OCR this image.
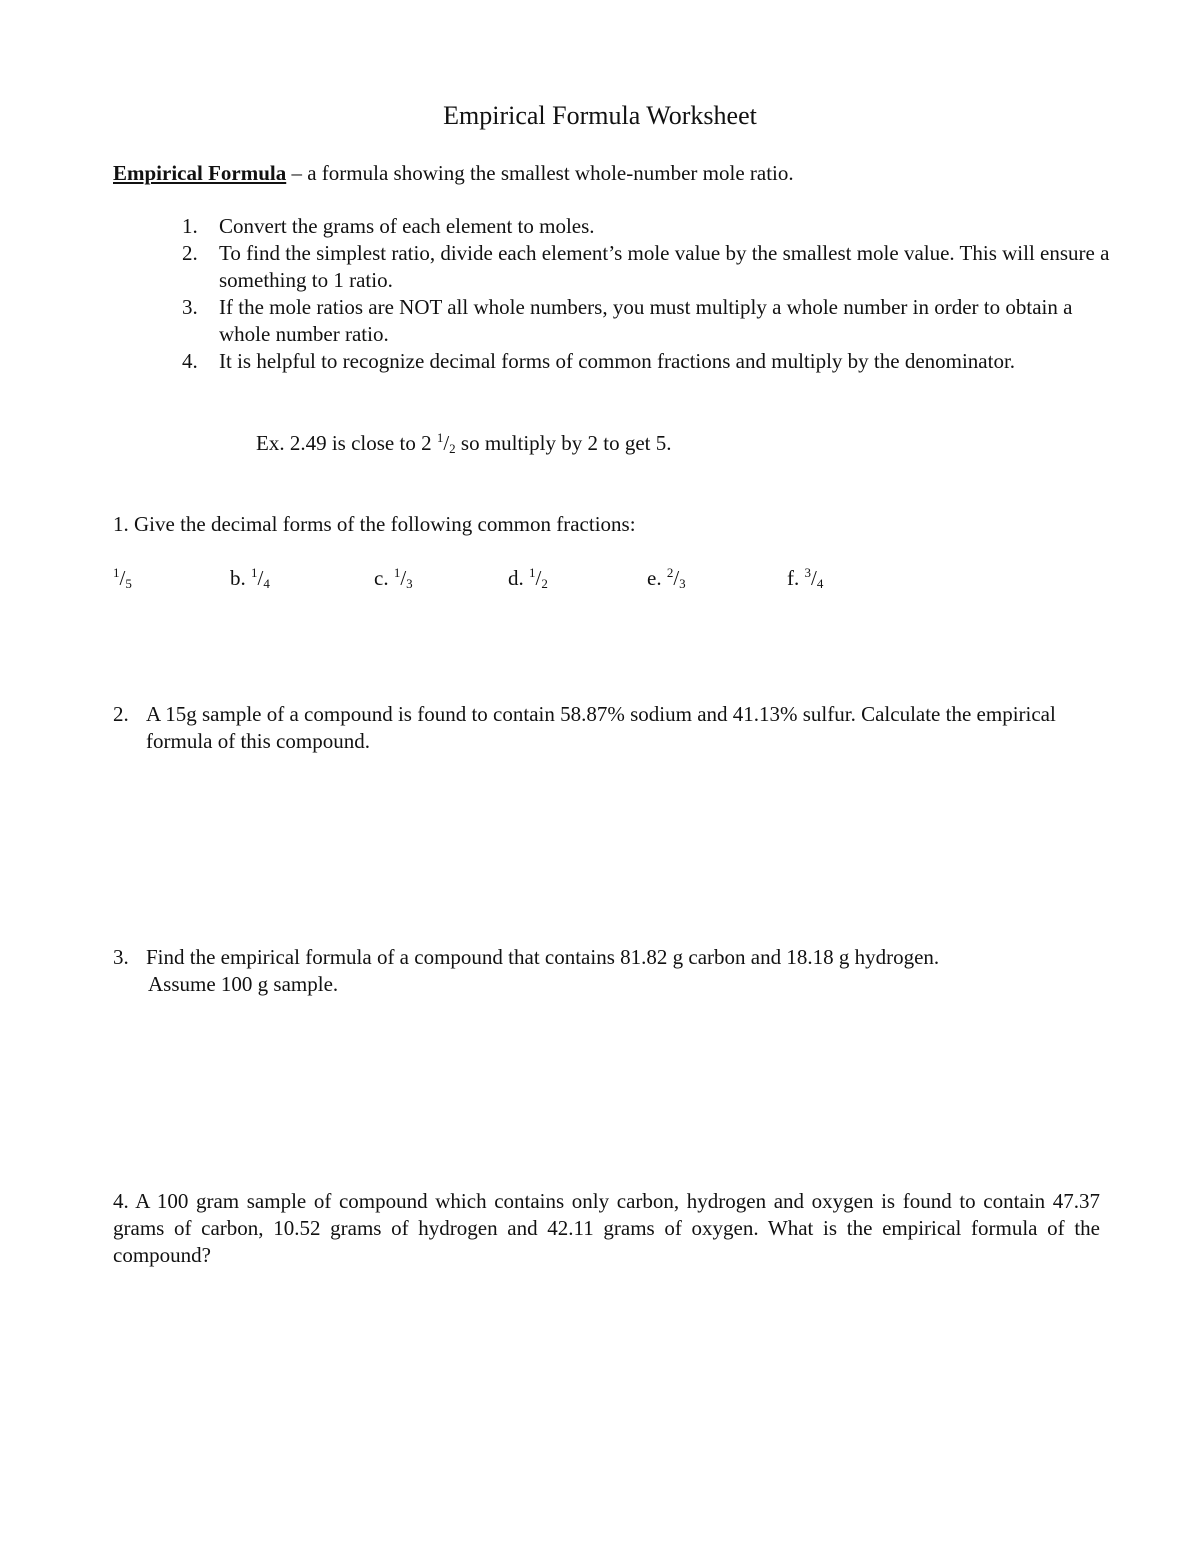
Empirical Formula Worksheet
Empirical Formula – a formula showing the smallest whole-number mole ratio.
1. Convert the grams of each element to moles.
2. To find the simplest ratio, divide each element’s mole value by the smallest mole value. This will ensure a something to 1 ratio.
3. If the mole ratios are NOT all whole numbers, you must multiply a whole number in order to obtain a whole number ratio.
4. It is helpful to recognize decimal forms of common fractions and multiply by the denominator.
Ex. 2.49 is close to 2 $^1/_2$ so multiply by 2 to get 5.
1. Give the decimal forms of the following common fractions:
$^1/_5$	b. $^1/_4$	c. $^1/_3$	d. $^1/_2$	e. $^2/_3$	f. $^3/_4$
2. A 15g sample of a compound is found to contain 58.87% sodium and 41.13% sulfur. Calculate the empirical formula of this compound.
3. Find the empirical formula of a compound that contains 81.82 g carbon and 18.18 g hydrogen.
Assume 100 g sample.
4. A 100 gram sample of compound which contains only carbon, hydrogen and oxygen is found to contain 47.37 grams of carbon, 10.52 grams of hydrogen and 42.11 grams of oxygen. What is the empirical formula of the compound?
